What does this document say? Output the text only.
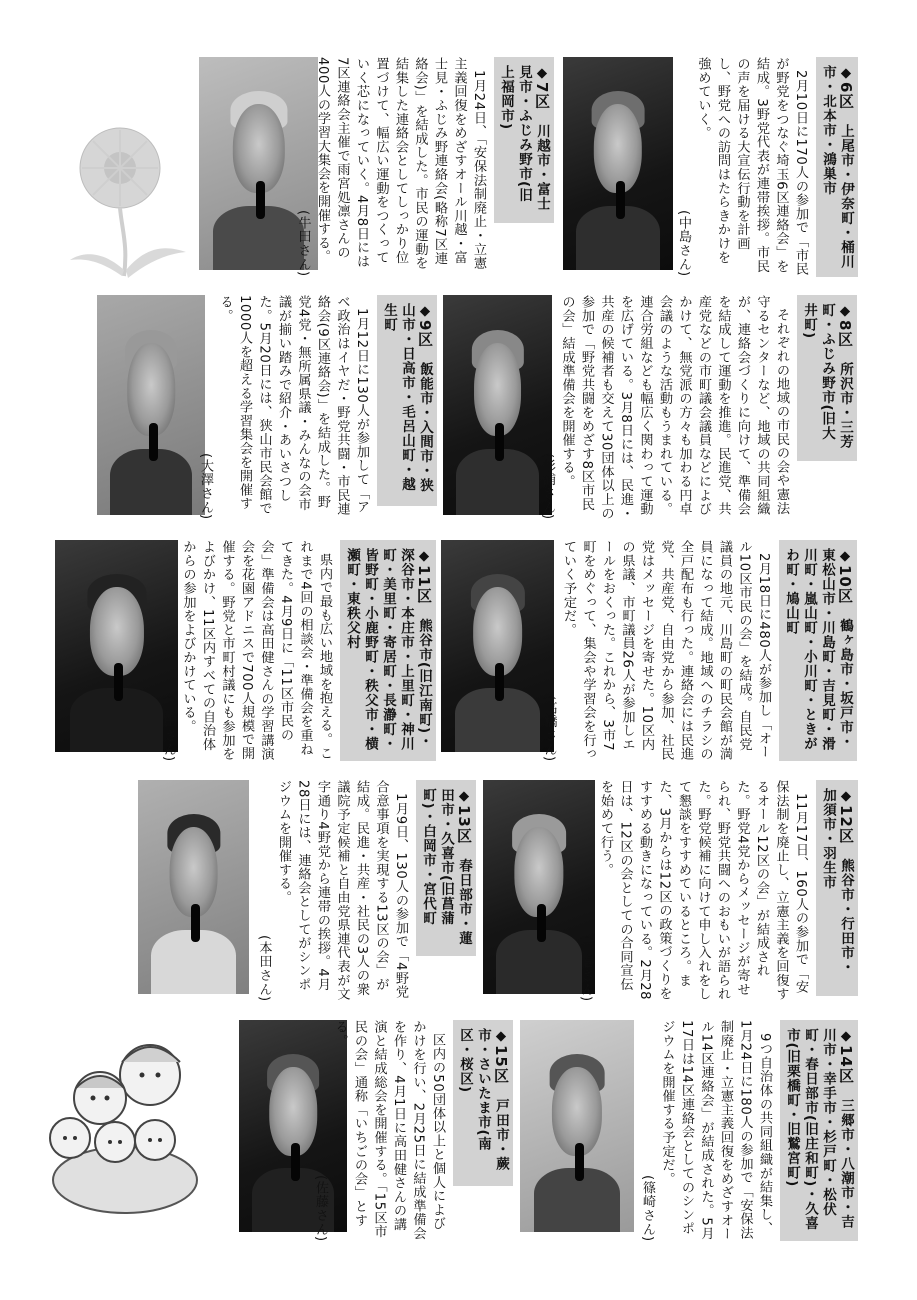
◆6区　上尾市・伊奈町・桶川市・北本市・鴻巣市

2月10日に170人の参加で「市民が野党をつなぐ埼玉6区連絡会」を結成。3野党代表が連帯挨拶。市民の声を届ける大宣伝行動を計画し、野党への訪問はたらきかけを強めていく。

(中島さん)
◆7区　川越市・富士見市・ふじみ野市(旧上福岡市)

1月24日、「安保法制廃止・立憲主義回復をめざすオール川越・富士見・ふじみ野連絡会(略称7区連絡会)」を結成した。市民の運動を結集した連絡会としてしっかり位置づけて、幅広い運動をつくっていく芯になっていく。4月8日には7区連絡会主催で雨宮処凛さんの400人の学習大集会を開催する。

(牛田さん)
◆8区　所沢市・三芳町・ふじみ野市(旧大井町)

それぞれの地域の市民の会や憲法守るセンターなど、地域の共同組織が、連絡会づくりに向けて、準備会を結成して運動を推進。民進党、共産党などの市町議会議員などによびかけて、無党派の方々も加わる円卓会議のような活動もうまれている。連合労組なども幅広く関わって運動を広げている。3月8日には、民進・共産の候補者も交えて30団体以上の参加で「野党共闘をめざす8区市民の会」結成準備会を開催する。

(杉浦さん)
◆9区　飯能市・入間市・狭山市・日高市・毛呂山町・越生町

1月12日に130人が参加して「アベ政治はイヤだ・野党共闘・市民連絡会(9区連絡会)」を結成した。野党4党・無所属県議・みんなの会市議が揃い踏みで紹介・あいさつした。5月20日には、狭山市民会館で1000人を超える学習集会を開催する。

(大澤さん)
◆10区　鶴ヶ島市・坂戸市・東松山市・川島町・吉見町・滑川町・嵐山町・小川町・ときがわ町・鳩山町

2月18日に480人が参加し「オール10区市民の会」を結成。自民党議員の地元、川島町の町民会館が満員になって結成。地域へのチラシの全戸配布も行った。連絡会には民進党、共産党、自由党から参加、社民党はメッセージを寄せた。10区内の県議、市町議員26人が参加しエールをおくった。これから、3市7町をめぐって、集会や学習会を行っていく予定だ。

(高橋さん)
◆11区　熊谷市(旧江南町)・深谷市・本庄市・上里町・神川町・美里町・寄居町・長瀞町・皆野町・小鹿野町・秩父市・横瀬町・東秩父村

県内で最も広い地域を抱える。これまで4回の相談会・準備会を重ねてきた。4月9日に「11区市民の会」準備会は高田健さんの学習講演会を花園アドニスで700人規模で開催する。野党と市町村議にも参加をよびかけ、11区内すべての自治体からの参加をよびかけている。

(内田さん)
◆12区　熊谷市・行田市・加須市・羽生市

11月17日、160人の参加で「安保法制を廃止し、立憲主義を回復するオール12区の会」が結成された。野党4党からメッセージが寄せられ、野党共闘へのおもいが語られた。野党候補に向けて申し入れをして懇談をすすめているところ。また、3月からは12区の政策づくりをすすめる動きになっている。2月28日は、12区の会としての合同宣伝を始めて行う。

(酒巻さん)
◆13区　春日部市・蓮田市・久喜市(旧菖蒲町)・白岡市・宮代町

1月9日、130人の参加で「4野党合意事項を実現する13区の会」が結成。民進・共産・社民の3人の衆議院予定候補と自由党県連代表が文字通り4野党から連帯の挨拶。4月28日には、連絡会としてがシンポジウムを開催する。

(本田さん)
◆14区　三郷市・八潮市・吉川市・幸手市・杉戸町・松伏町・春日部市(旧庄和町)・久喜市(旧栗橋町・旧鷲宮町)

9つ自治体の共同組織が結集し、1月24日に180人の参加で「安保法制廃止・立憲主義回復をめざすオール14区連絡会」が結成された。5月17日は14区連絡会としてのシンポジウムを開催する予定だ。

(篠崎さん)
◆15区　戸田市・蕨市・さいたま市(南区・桜区)

区内の50団体以上と個人によびかけを行い、2月25日に結成準備会を作り、4月1日に高田健さんの講演と結成総会を開催する。「15区市民の会」通称「いちごの会」とする。

(佐藤さん)
